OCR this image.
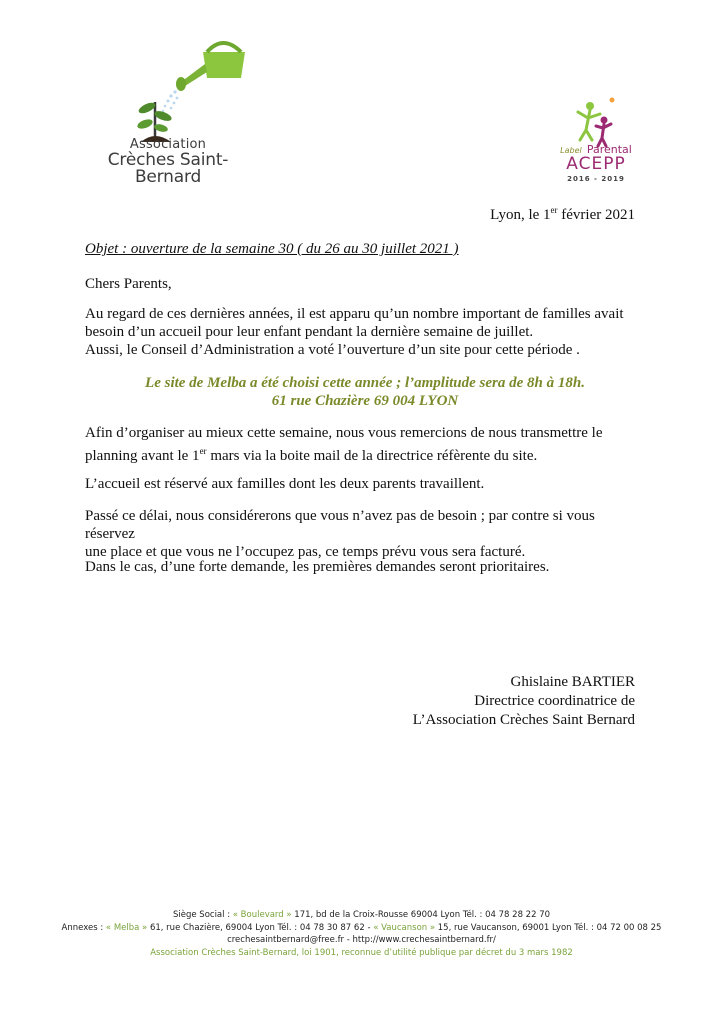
Association
Crèches Saint-Bernard
Label Parental
ACEPP
2016 - 2019
Lyon, le 1er février 2021
Objet : ouverture de la semaine 30 ( du 26 au 30 juillet 2021 )
Chers Parents,
Au regard de ces dernières années, il est apparu qu’un nombre important de familles avait
besoin d’un accueil pour leur enfant pendant la dernière semaine de juillet.
Aussi, le Conseil d’Administration a voté l’ouverture d’un site pour cette période .
Le site de Melba a été choisi cette année ; l’amplitude sera de 8h à 18h.
61 rue Chazière 69 004 LYON
Afin d’organiser au mieux cette semaine, nous vous remercions de nous transmettre le
planning avant le 1er mars via la boite mail de la directrice réfèrente du site.
L’accueil est réservé aux familles dont les deux parents travaillent.
Passé ce délai, nous considérerons que vous n’avez pas de besoin ; par contre si vous réservez
une place et que vous ne l’occupez pas, ce temps prévu vous sera facturé.
Dans le cas, d’une forte demande, les premières demandes seront prioritaires.
Ghislaine BARTIER
Directrice coordinatrice de
L’Association Crèches Saint Bernard
Siège Social : « Boulevard » 171, bd de la Croix-Rousse 69004 Lyon Tél. : 04 78 28 22 70
Annexes : « Melba » 61, rue Chazière, 69004 Lyon Tél. : 04 78 30 87 62 - « Vaucanson » 15, rue Vaucanson, 69001 Lyon Tél. : 04 72 00 08 25
crechesaintbernard@free.fr - http://www.crechesaintbernard.fr/
Association Crèches Saint-Bernard, loi 1901, reconnue d’utilité publique par décret du 3 mars 1982
